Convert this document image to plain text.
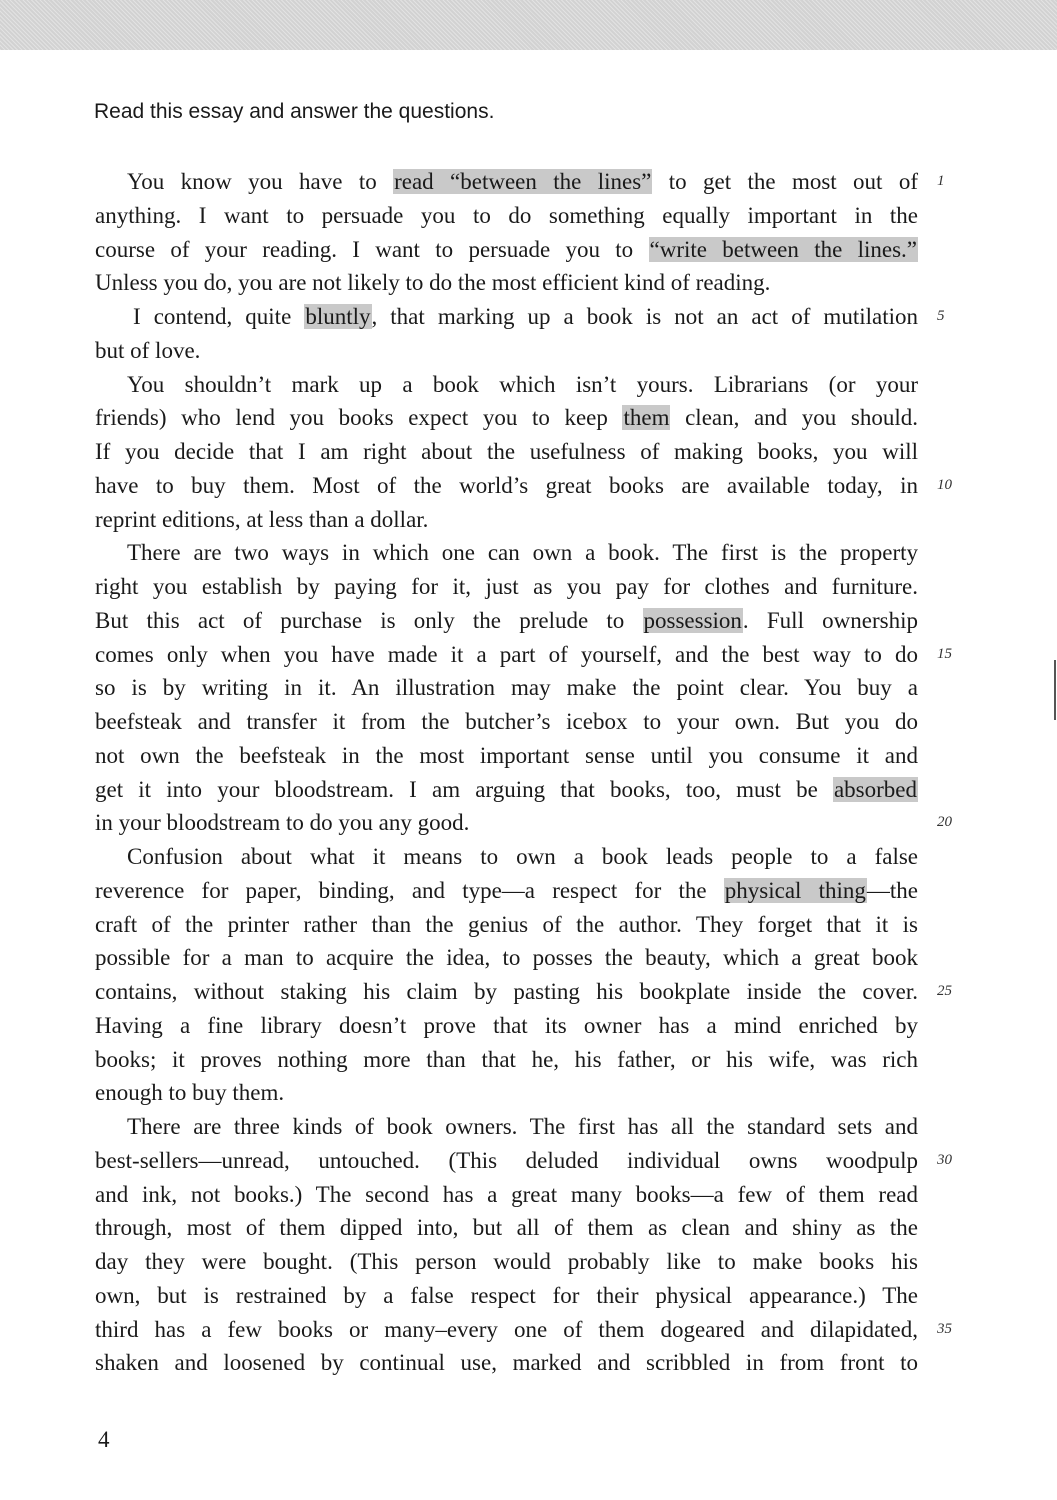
Read this essay and answer the questions.

You know you have to read “between the lines” to get the most out of 1
anything. I want to persuade you to do something equally important in the
course of your reading. I want to persuade you to “write between the lines.”
Unless you do, you are not likely to do the most efficient kind of reading.
I contend, quite bluntly, that marking up a book is not an act of mutilation 5
but of love.
You shouldn’t mark up a book which isn’t yours. Librarians (or your
friends) who lend you books expect you to keep them clean, and you should.
If you decide that I am right about the usefulness of making books, you will
have to buy them. Most of the world’s great books are available today, in 10
reprint editions, at less than a dollar.
There are two ways in which one can own a book. The first is the property
right you establish by paying for it, just as you pay for clothes and furniture.
But this act of purchase is only the prelude to possession. Full ownership
comes only when you have made it a part of yourself, and the best way to do 15
so is by writing in it. An illustration may make the point clear. You buy a
beefsteak and transfer it from the butcher’s icebox to your own. But you do
not own the beefsteak in the most important sense until you consume it and
get it into your bloodstream. I am arguing that books, too, must be absorbed
in your bloodstream to do you any good.	20
Confusion about what it means to own a book leads people to a false
reverence for paper, binding, and type—a respect for the physical thing—the
craft of the printer rather than the genius of the author. They forget that it is
possible for a man to acquire the idea, to posses the beauty, which a great book
contains, without staking his claim by pasting his bookplate inside the cover. 25
Having a fine library doesn’t prove that its owner has a mind enriched by
books; it proves nothing more than that he, his father, or his wife, was rich
enough to buy them.
There are three kinds of book owners. The first has all the standard sets and
best-sellers—unread, untouched. (This deluded individual owns woodpulp 30
and ink, not books.) The second has a great many books—a few of them read
through, most of them dipped into, but all of them as clean and shiny as the
day they were bought. (This person would probably like to make books his
own, but is restrained by a false respect for their physical appearance.) The
third has a few books or many–every one of them dogeared and dilapidated, 35
shaken and loosened by continual use, marked and scribbled in from front to
4
